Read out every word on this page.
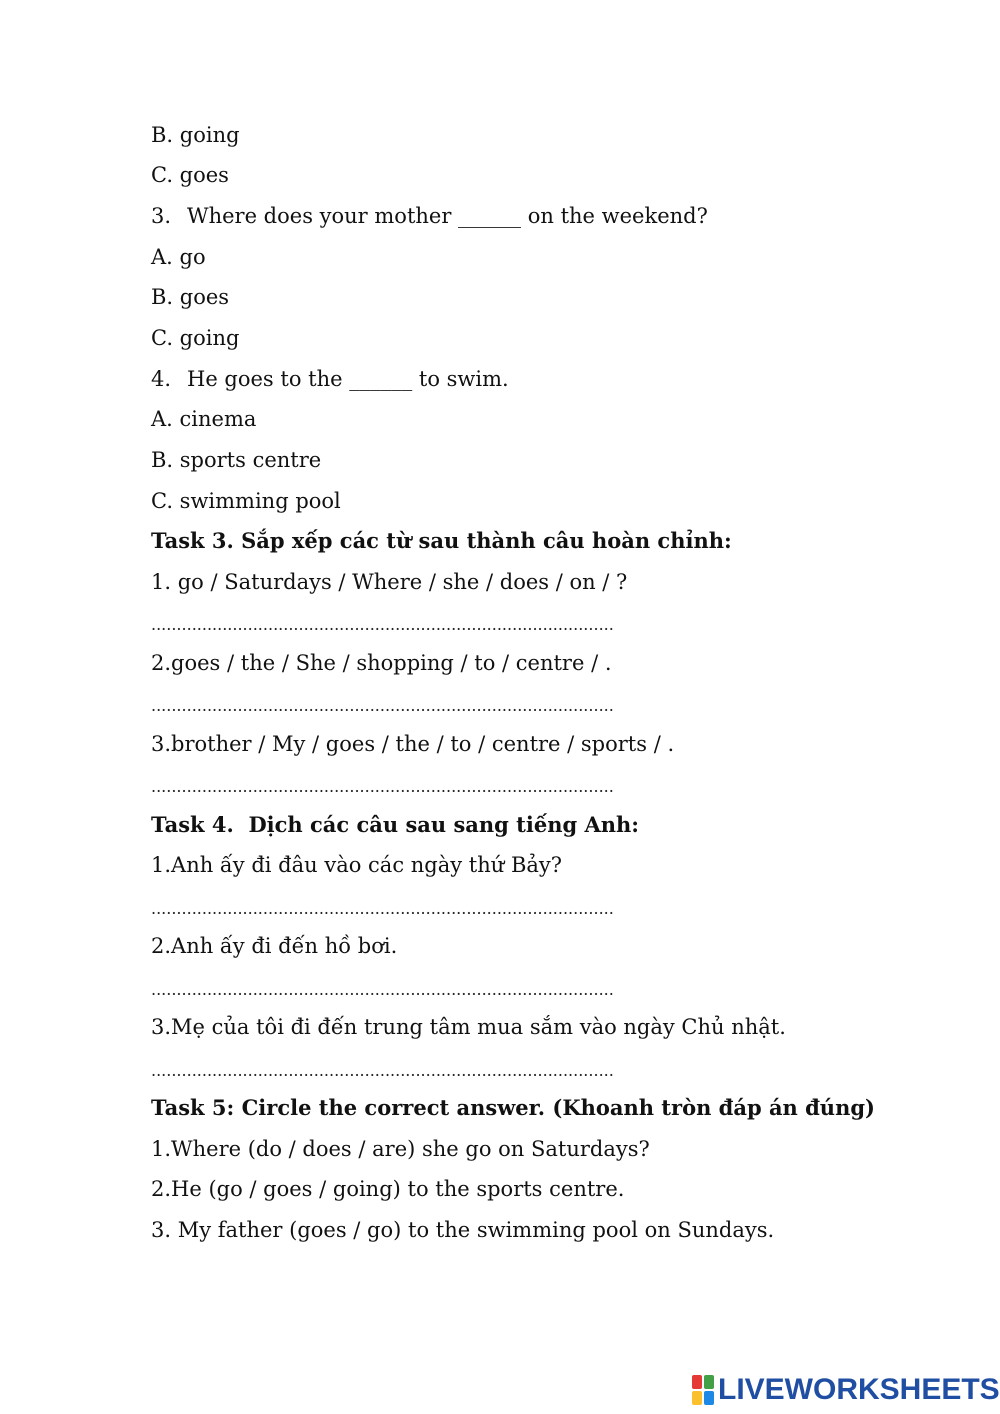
B. going
C. goes
3. Where does your mother ______ on the weekend?
A. go
B. goes
C. going
4. He goes to the ______ to swim.
A. cinema
B. sports centre
C. swimming pool
Task 3. Sắp xếp các từ sau thành câu hoàn chỉnh:
1. go / Saturdays / Where / she / does / on / ?
...........................................................................................
2.goes / the / She / shopping / to / centre / .
...........................................................................................
3.brother / My / goes / the / to / centre / sports / .
...........................................................................................
Task 4.  Dịch các câu sau sang tiếng Anh:
1.Anh ấy đi đâu vào các ngày thứ Bảy?
...........................................................................................
2.Anh ấy đi đến hồ bơi.
...........................................................................................
3.Mẹ của tôi đi đến trung tâm mua sắm vào ngày Chủ nhật.
...........................................................................................
Task 5: Circle the correct answer. (Khoanh tròn đáp án đúng)
1.Where (do / does / are) she go on Saturdays?
2.He (go / goes / going) to the sports centre.
3. My father (goes / go) to the swimming pool on Sundays.
LIVEWORKSHEETS
